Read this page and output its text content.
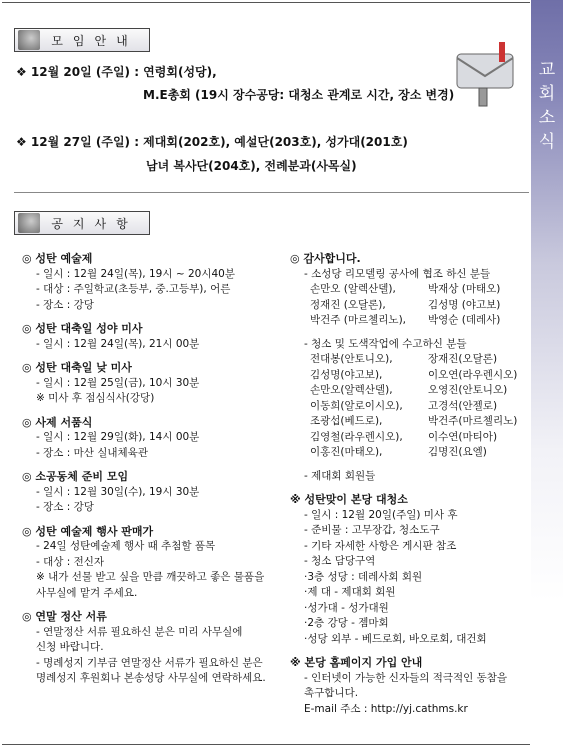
교
회
소
식
모임안내
❖ 12월 20일 (주일) : 연령회(성당),
M.E총회 (19시 장수공당: 대청소 관계로 시간, 장소 변경)
❖ 12월 27일 (주일) : 제대회(202호), 예설단(203호), 성가대(201호)
남녀 복사단(204호), 전례분과(사목실)
공지사항
◎ 성탄 예술제
- 일시 : 12월 24일(목), 19시 ~ 20시40분
- 대상 : 주일학교(초등부, 중.고등부), 어른
- 장소 : 강당
◎ 성탄 대축일 성야 미사
- 일시 : 12월 24일(목), 21시 00분
◎ 성탄 대축일 낮 미사
- 일시 : 12월 25일(금), 10시 30분
※ 미사 후 점심식사(강당)
◎ 사제 서품식
- 일시 : 12월 29일(화), 14시 00분
- 장소 : 마산 실내체육관
◎ 소공동체 준비 모임
- 일시 : 12월 30일(수), 19시 30분
- 장소 : 강당
◎ 성탄 예술제 행사 판매가
- 24일 성탄예술제 행사 때 추첨할 품목
- 대상 : 전신자
※ 내가 선물 받고 싶을 만큼 깨끗하고 좋은 물품을
사무실에 맡겨 주세요.
◎ 연말 정산 서류
- 연말정산 서류 필요하신 분은 미리 사무실에
신청 바랍니다.
- 명례성지 기부금 연말정산 서류가 필요하신 분은
명례성지 후원회나 본송성당 사무실에 연락하세요.
◎ 감사합니다.
- 소성당 리모델링 공사에 협조 하신 분들
손만오 (알렉산델),	박재상 (마태오)
정재진 (오달론),	김성명 (야고보)
박건주 (마르첼리노), 박영순 (데레사)
- 청소 및 도색작업에 수고하신 분들
전대봉(안토니오),	장재진(오달론)
김성명(야고보),	이오연(라우렌시오)
손만오(알렉산델),	오영진(안토니오)
이동희(알로이시오), 고경석(안젤로)
조광섭(베드로),	박건주(마르첼리노)
김영철(라우렌시오), 이수연(마티아)
이홍진(마태오),	김명진(요엘)
- 제대회 회원들
※ 성탄맞이 본당 대청소
- 일시 : 12월 20일(주일) 미사 후
- 준비물 : 고무장갑, 청소도구
- 기타 자세한 사항은 게시판 참조
- 청소 담당구역
·3층 성당 : 데레사회 회원
·제 대 - 제대회 회원
·성가대 - 성가대원
·2층 강당 - 젬마회
·성당 외부 - 베드로회, 바오로회, 대건회
※ 본당 홈페이지 가입 안내
- 인터넷이 가능한 신자들의 적극적인 동참을
촉구합니다.
E-mail 주소 : http://yj.cathms.kr
